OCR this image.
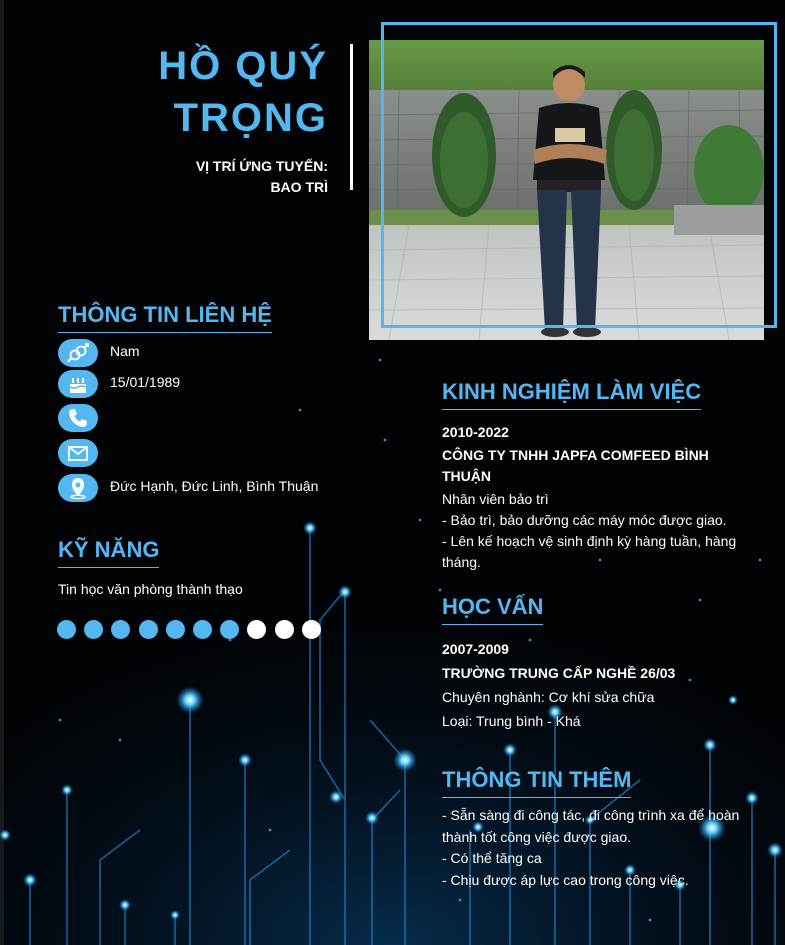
HỒ QUÝ
TRỌNG
VỊ TRÍ ỨNG TUYỂN: BAO TRÌ
THÔNG TIN LIÊN HỆ
Nam
15/01/1989
Đức Hạnh, Đức Linh, Bình Thuận
KỸ NĂNG
Tin học văn phòng thành thạo
KINH NGHIỆM LÀM VIỆC
2010-2022
CÔNG TY TNHH JAPFA COMFEED BÌNH THUẬN
Nhân viên bảo trì
- Bảo trì, bảo dưỡng các máy móc được giao.
- Lên kế hoạch vệ sinh định kỳ hàng tuần, hàng tháng.
HỌC VẤN
2007-2009
TRƯỜNG TRUNG CẤP NGHỀ 26/03
Chuyên nghành: Cơ khí sửa chữa
Loại: Trung bình - Khá
THÔNG TIN THÊM
- Sẵn sàng đi công tác, đi công trình xa để hoàn thành tốt công việc được giao.
- Có thể tăng ca
- Chịu được áp lực cao trong công việc.
